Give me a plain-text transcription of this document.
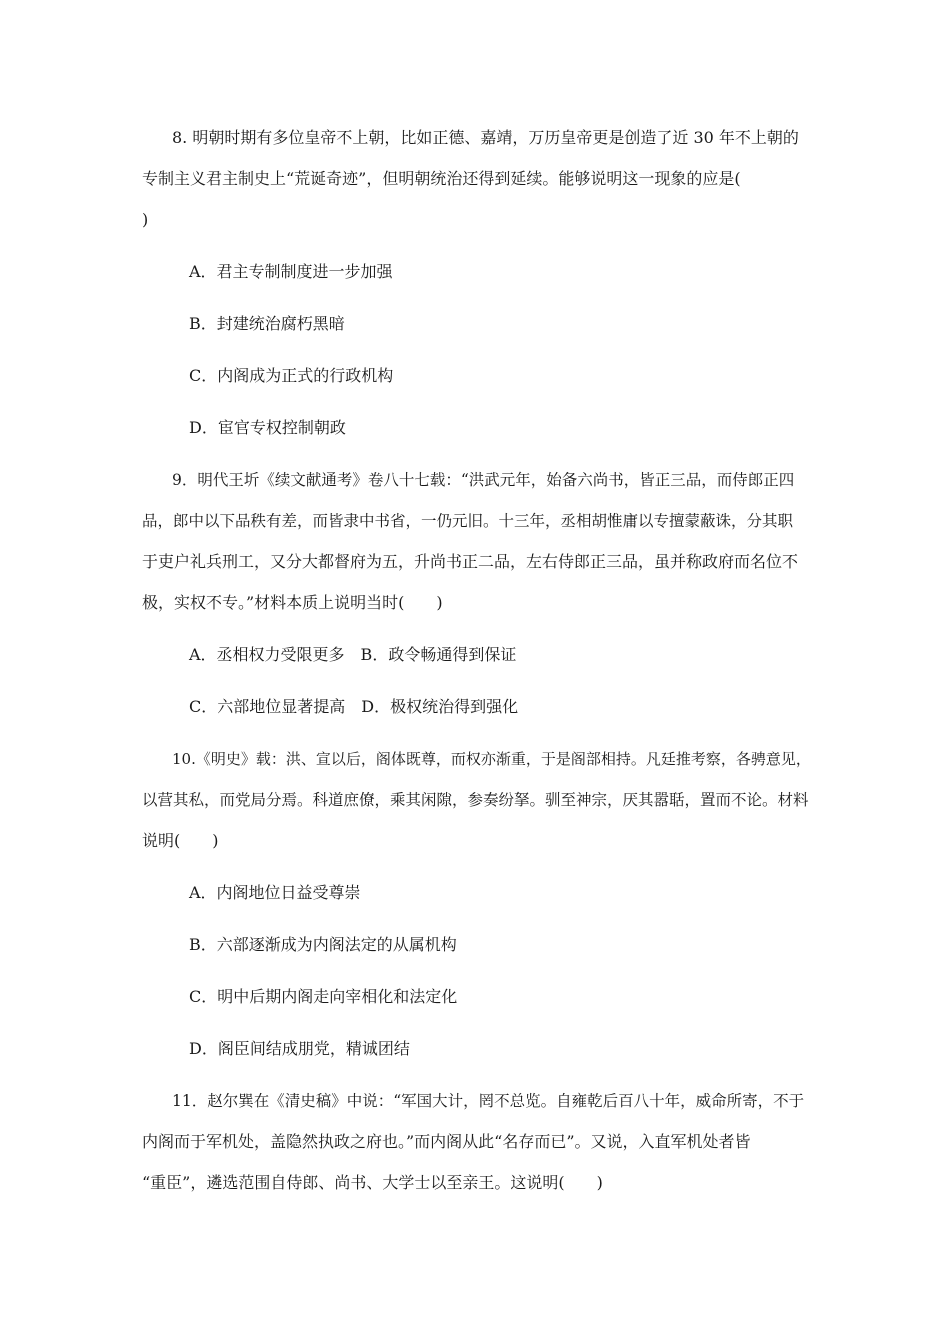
8. 明朝时期有多位皇帝不上朝，比如正德、嘉靖，万历皇帝更是创造了近 30 年不上朝的
专制主义君主制史上“荒诞奇迹”，但明朝统治还得到延续。能够说明这一现象的应是(
)
A．君主专制制度进一步加强
B．封建统治腐朽黑暗
C．内阁成为正式的行政机构
D．宦官专权控制朝政
9．明代王圻《续文献通考》卷八十七载：“洪武元年，始备六尚书，皆正三品，而侍郎正四
品，郎中以下品秩有差，而皆隶中书省，一仍元旧。十三年，丞相胡惟庸以专擅蒙蔽诛，分其职
于吏户礼兵刑工，又分大都督府为五，升尚书正二品，左右侍郎正三品，虽并称政府而名位不
极，实权不专。”材料本质上说明当时(　　)
A．丞相权力受限更多　B．政令畅通得到保证
C．六部地位显著提高　D．极权统治得到强化
10.《明史》载：洪、宣以后，阁体既尊，而权亦渐重，于是阁部相持。凡廷推考察，各骋意见，
以营其私，而党局分焉。科道庶僚，乘其闲隙，参奏纷拏。驯至神宗，厌其嚣聒，置而不论。材料
说明(　　)
A．内阁地位日益受尊崇
B．六部逐渐成为内阁法定的从属机构
C．明中后期内阁走向宰相化和法定化
D．阁臣间结成朋党，精诚团结
11．赵尔巽在《清史稿》中说：“军国大计，罔不总览。自雍乾后百八十年，威命所寄，不于
内阁而于军机处，盖隐然执政之府也。”而内阁从此“名存而已”。又说，入直军机处者皆
“重臣”，遴选范围自侍郎、尚书、大学士以至亲王。这说明(　　)
